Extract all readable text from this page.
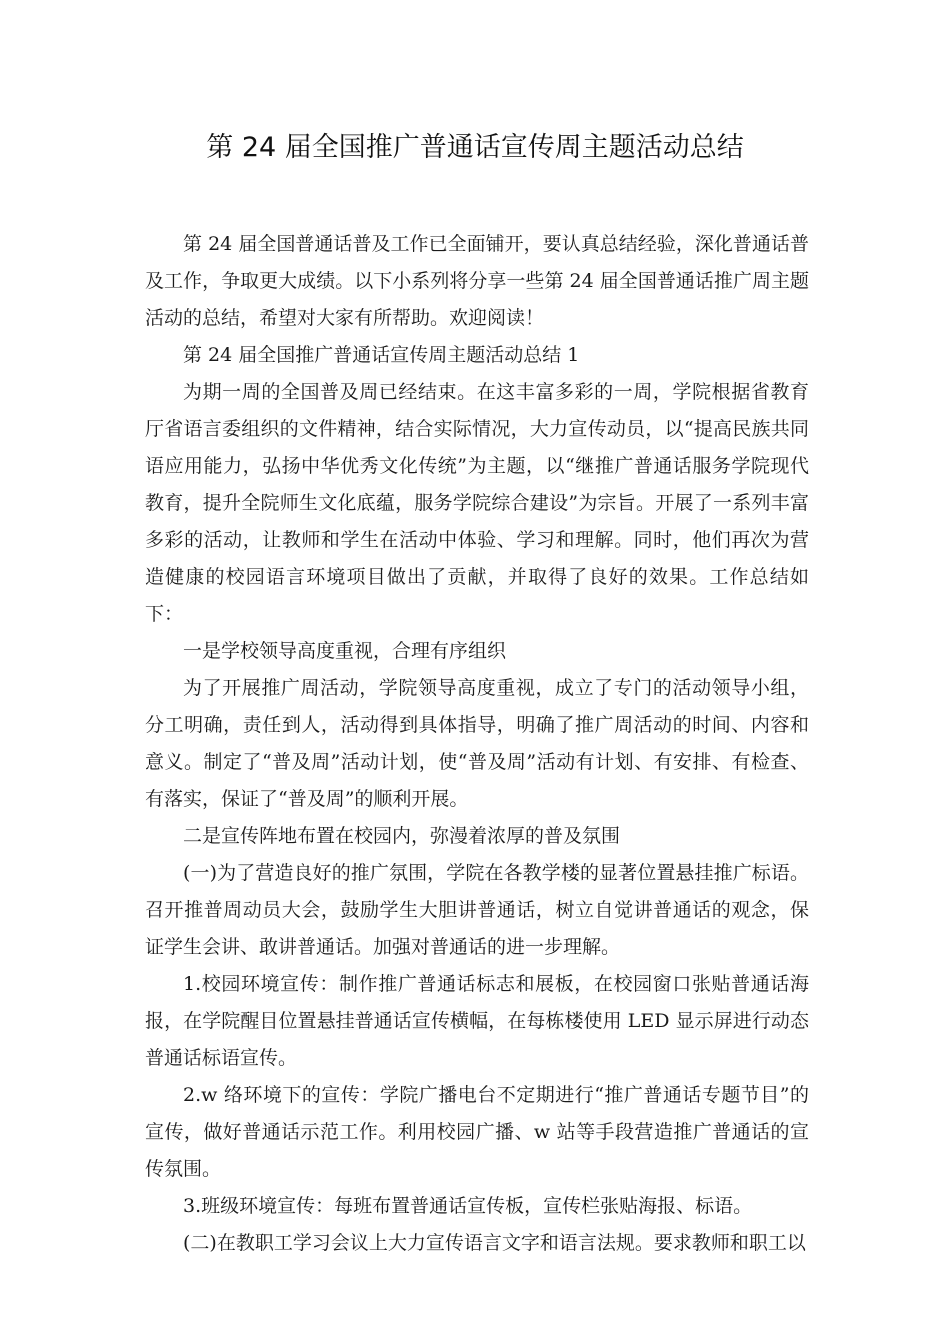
第 24 届全国推广普通话宣传周主题活动总结

第 24 届全国普通话普及工作已全面铺开，要认真总结经验，深化普通话普及工作，争取更大成绩。以下小系列将分享一些第 24 届全国普通话推广周主题活动的总结，希望对大家有所帮助。欢迎阅读！

第 24 届全国推广普通话宣传周主题活动总结 1

为期一周的全国普及周已经结束。在这丰富多彩的一周，学院根据省教育厅省语言委组织的文件精神，结合实际情况，大力宣传动员，以“提高民族共同语应用能力，弘扬中华优秀文化传统”为主题，以“继推广普通话服务学院现代教育，提升全院师生文化底蕴，服务学院综合建设”为宗旨。开展了一系列丰富多彩的活动，让教师和学生在活动中体验、学习和理解。同时，他们再次为营造健康的校园语言环境项目做出了贡献，并取得了良好的效果。工作总结如下：

一是学校领导高度重视，合理有序组织

为了开展推广周活动，学院领导高度重视，成立了专门的活动领导小组，分工明确，责任到人，活动得到具体指导，明确了推广周活动的时间、内容和意义。制定了“普及周”活动计划，使“普及周”活动有计划、有安排、有检查、有落实，保证了“普及周”的顺利开展。

二是宣传阵地布置在校园内，弥漫着浓厚的普及氛围

(一)为了营造良好的推广氛围，学院在各教学楼的显著位置悬挂推广标语。召开推普周动员大会，鼓励学生大胆讲普通话，树立自觉讲普通话的观念，保证学生会讲、敢讲普通话。加强对普通话的进一步理解。

1.校园环境宣传：制作推广普通话标志和展板，在校园窗口张贴普通话海报，在学院醒目位置悬挂普通话宣传横幅，在每栋楼使用 LED 显示屏进行动态普通话标语宣传。

2.w 络环境下的宣传：学院广播电台不定期进行“推广普通话专题节目”的宣传，做好普通话示范工作。利用校园广播、w 站等手段营造推广普通话的宣传氛围。

3.班级环境宣传：每班布置普通话宣传板，宣传栏张贴海报、标语。

(二)在教职工学习会议上大力宣传语言文字和语言法规。要求教师和职工以
